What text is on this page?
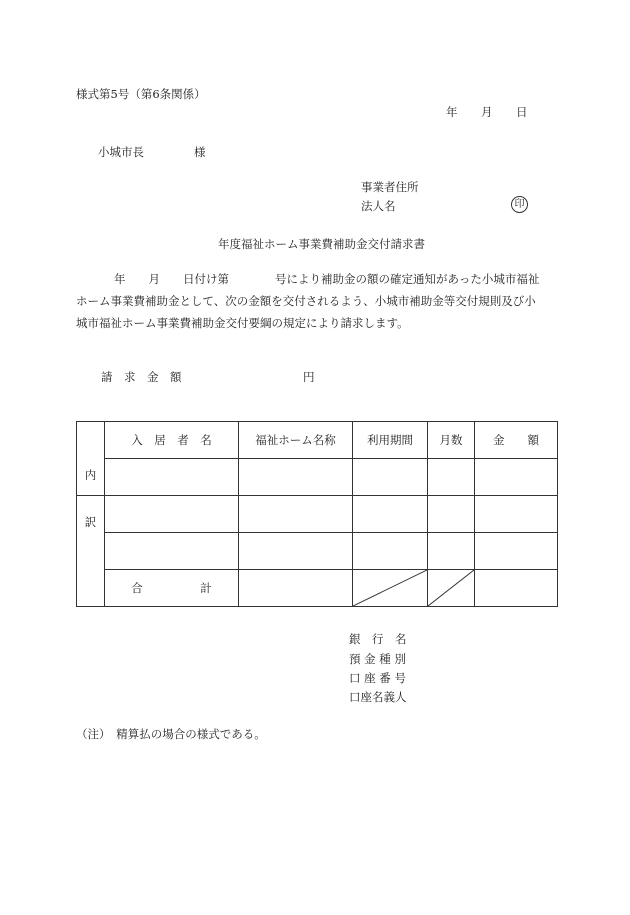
様式第5号（第6条関係）
年 月 日
小城市長	様
事業者住所
法人名	印
年度福祉ホーム事業費補助金交付請求書
年　　月　　日付け第　　　　号により補助金の額の確定通知があった小城市福祉
ホーム事業費補助金として、次の金額を交付されるよう、小城市補助金等交付規則及び小
城市福祉ホーム事業費補助金交付要綱の規定により請求します。
請　求　金　額	円
内	入　居　者　名	福祉ホーム名称	利用期間	月数	金　　額

訳					

	合　　　　　計		

銀　行　名
預 金 種 別
口 座 番 号
口座名義人
（注）　精算払の場合の様式である。
